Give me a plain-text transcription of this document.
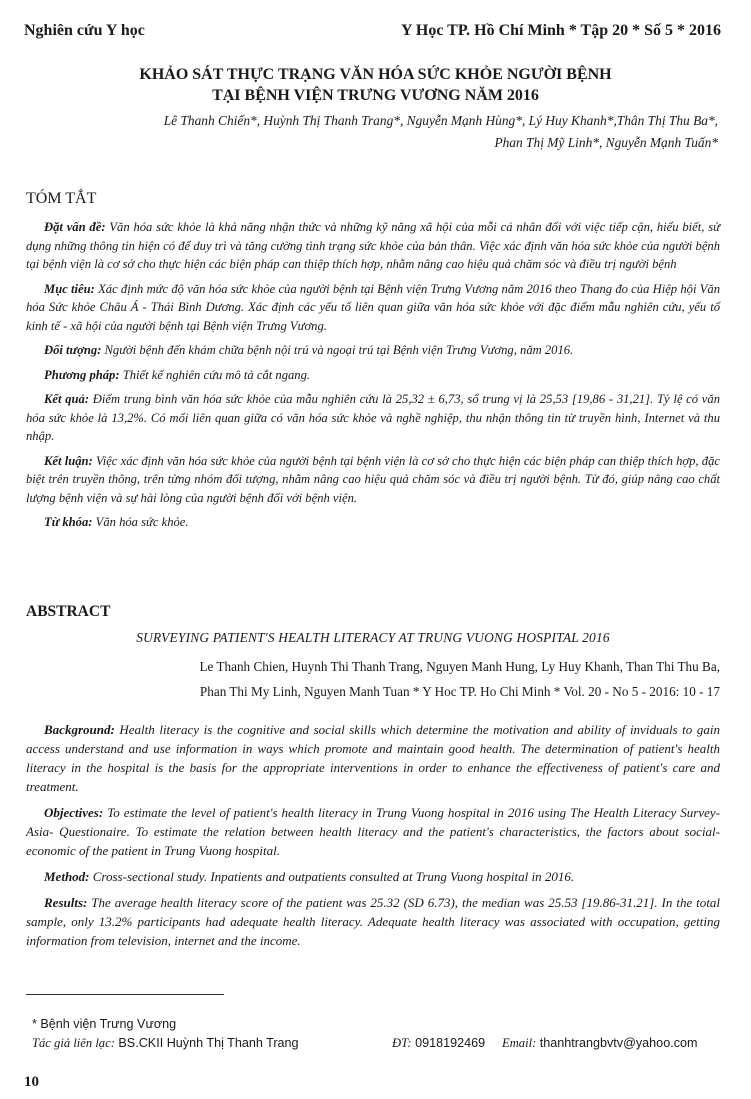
Nghiên cứu Y học	Y Học TP. Hồ Chí Minh * Tập 20 * Số 5 * 2016
KHẢO SÁT THỰC TRẠNG VĂN HÓA SỨC KHỎE NGƯỜI BỆNH
TẠI BỆNH VIỆN TRƯNG VƯƠNG NĂM 2016
Lê Thanh Chiến*, Huỳnh Thị Thanh Trang*, Nguyễn Mạnh Hùng*, Lý Huy Khanh*,Thân Thị Thu Ba*,
Phan Thị Mỹ Linh*, Nguyễn Mạnh Tuấn*
TÓM TẮT

Đặt vấn đề: Văn hóa sức khỏe là khả năng nhận thức và những kỹ năng xã hội của mỗi cá nhân đối với việc tiếp cận, hiểu biết, sử dụng những thông tin hiện có để duy trì và tăng cường tình trạng sức khỏe của bản thân. Việc xác định văn hóa sức khỏe của người bệnh tại bệnh viện là cơ sở cho thực hiện các biện pháp can thiệp thích hợp, nhằm nâng cao hiệu quả chăm sóc và điều trị người bệnh

Mục tiêu: Xác định mức độ văn hóa sức khỏe của người bệnh tại Bệnh viện Trưng Vương năm 2016 theo Thang đo của Hiệp hội Văn hóa Sức khỏe Châu Á - Thái Bình Dương. Xác định các yếu tố liên quan giữa văn hóa sức khỏe với đặc điểm mẫu nghiên cứu, yếu tố kinh tế - xã hội của người bệnh tại Bệnh viện Trưng Vương.

Đối tượng: Người bệnh đến khám chữa bệnh nội trú và ngoại trú tại Bệnh viện Trưng Vương, năm 2016.

Phương pháp: Thiết kế nghiên cứu mô tả cắt ngang.

Kết quả: Điểm trung bình văn hóa sức khỏe của mẫu nghiên cứu là 25,32 ± 6,73, số trung vị là 25,53 [19,86 - 31,21]. Tỷ lệ có văn hóa sức khỏe là 13,2%. Có mối liên quan giữa có văn hóa sức khỏe và nghề nghiệp, thu nhận thông tin từ truyền hình, Internet và thu nhập.

Kết luận: Việc xác định văn hóa sức khỏe của người bệnh tại bệnh viện là cơ sở cho thực hiện các biện pháp can thiệp thích hợp, đặc biệt trên truyền thông, trên từng nhóm đối tượng, nhằm nâng cao hiệu quả chăm sóc và điều trị người bệnh. Từ đó, giúp nâng cao chất lượng bệnh viện và sự hài lòng của người bệnh đối với bệnh viện.

Từ khóa: Văn hóa sức khỏe.

ABSTRACT
SURVEYING PATIENT'S HEALTH LITERACY AT TRUNG VUONG HOSPITAL 2016
Le Thanh Chien, Huynh Thi Thanh Trang, Nguyen Manh Hung, Ly Huy Khanh, Than Thi Thu Ba,
Phan Thi My Linh, Nguyen Manh Tuan * Y Hoc TP. Ho Chi Minh * Vol. 20 - No 5 - 2016: 10 - 17

Background: Health literacy is the cognitive and social skills which determine the motivation and ability of inviduals to gain access understand and use information in ways which promote and maintain good health. The determination of patient's health literacy in the hospital is the basis for the appropriate interventions in order to enhance the effectiveness of patient's care and treatment.

Objectives: To estimate the level of patient's health literacy in Trung Vuong hospital in 2016 using The Health Literacy Survey- Asia- Questionaire. To estimate the relation between health literacy and the patient's characteristics, the factors about social-economic of the patient in Trung Vuong hospital.

Method: Cross-sectional study. Inpatients and outpatients consulted at Trung Vuong hospital in 2016.

Results: The average health literacy score of the patient was 25.32 (SD 6.73), the median was 25.53 [19.86-31.21]. In the total sample, only 13.2% participants had adequate health literacy. Adequate health literacy was associated with occupation, getting information from television, internet and the income.

* Bệnh viện Trưng Vương
Tác giả liên lạc: BS.CKII Huỳnh Thị Thanh Trang	ĐT: 0918192469 Email: thanhtrangbvtv@yahoo.com
10
